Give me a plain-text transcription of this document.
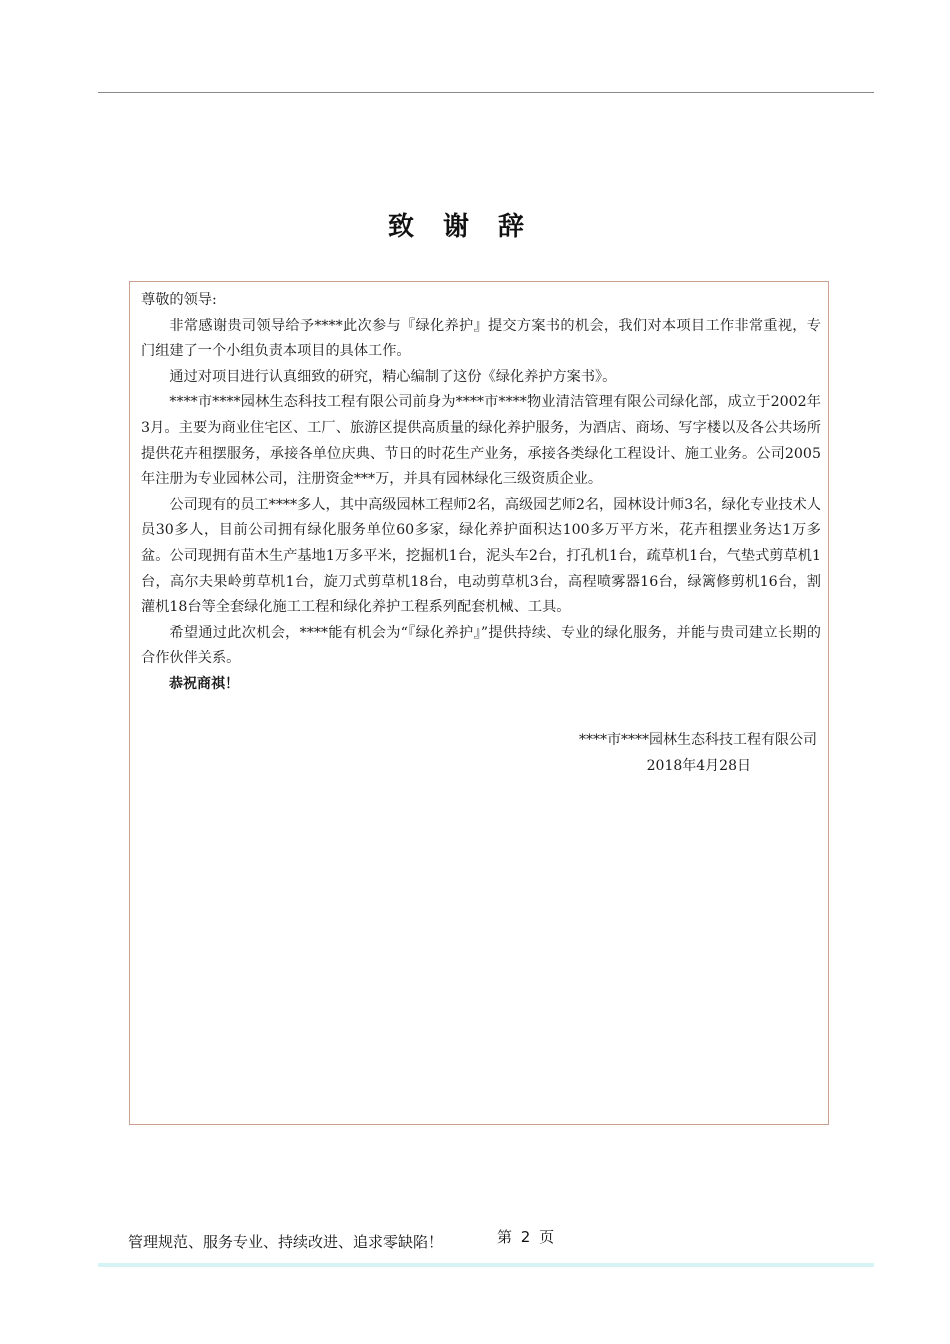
致 谢 辞

尊敬的领导:

非常感谢贵司领导给予****此次参与『绿化养护』提交方案书的机会，我们对本项目工作非常重视，专门组建了一个小组负责本项目的具体工作。

通过对项目进行认真细致的研究，精心编制了这份《绿化养护方案书》。

****市****园林生态科技工程有限公司前身为****市****物业清洁管理有限公司绿化部，成立于2002年3月。主要为商业住宅区、工厂、旅游区提供高质量的绿化养护服务，为酒店、商场、写字楼以及各公共场所提供花卉租摆服务，承接各单位庆典、节日的时花生产业务，承接各类绿化工程设计、施工业务。公司2005年注册为专业园林公司，注册资金***万，并具有园林绿化三级资质企业。

公司现有的员工****多人，其中高级园林工程师2名，高级园艺师2名，园林设计师3名，绿化专业技术人员30多人，目前公司拥有绿化服务单位60多家，绿化养护面积达100多万平方米，花卉租摆业务达1万多盆。公司现拥有苗木生产基地1万多平米，挖掘机1台，泥头车2台，打孔机1台，疏草机1台，气垫式剪草机1台，高尔夫果岭剪草机1台，旋刀式剪草机18台，电动剪草机3台，高程喷雾器16台，绿篱修剪机16台，割灌机18台等全套绿化施工工程和绿化养护工程系列配套机械、工具。

希望通过此次机会，****能有机会为“『绿化养护』”提供持续、专业的绿化服务，并能与贵司建立长期的合作伙伴关系。

恭祝商祺！

****市****园林生态科技工程有限公司
2018年4月28日
管理规范、服务专业、持续改进、追求零缺陷！	第 2 页
